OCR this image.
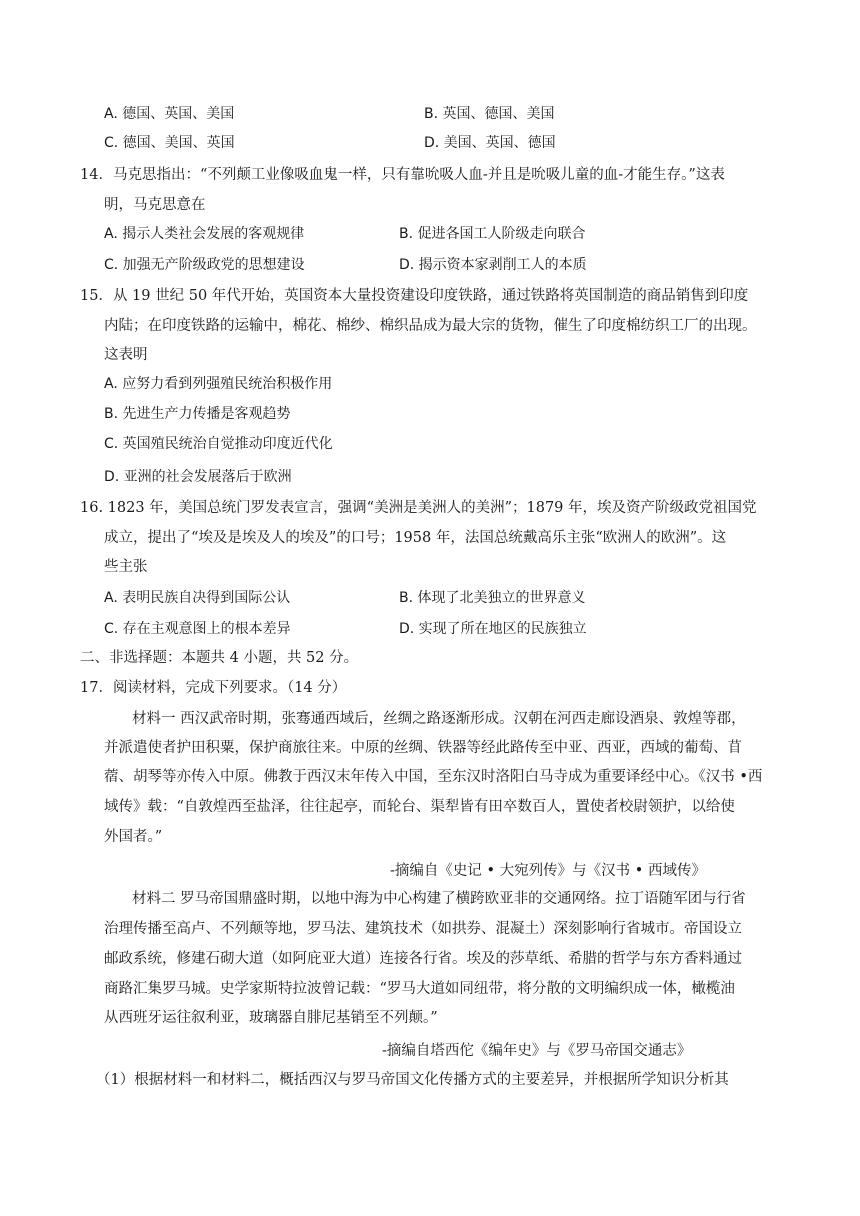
A. 德国、英国、美国	B. 英国、德国、美国
C. 德国、美国、英国	D. 美国、英国、德国
14．马克思指出：“不列颠工业像吸血鬼一样，只有靠吮吸人血-并且是吮吸儿童的血-才能生存。”这表
明，马克思意在
A. 揭示人类社会发展的客观规律	B. 促进各国工人阶级走向联合
C. 加强无产阶级政党的思想建设	D. 揭示资本家剥削工人的本质
15．从 19 世纪 50 年代开始，英国资本大量投资建设印度铁路，通过铁路将英国制造的商品销售到印度
内陆；在印度铁路的运输中，棉花、棉纱、棉织品成为最大宗的货物，催生了印度棉纺织工厂的出现。
这表明
A. 应努力看到列强殖民统治积极作用
B. 先进生产力传播是客观趋势
C. 英国殖民统治自觉推动印度近代化
D. 亚洲的社会发展落后于欧洲
16. 1823 年，美国总统门罗发表宣言，强调“美洲是美洲人的美洲”；1879 年，埃及资产阶级政党祖国党
成立，提出了“埃及是埃及人的埃及”的口号；1958 年，法国总统戴高乐主张“欧洲人的欧洲”。这
些主张
A. 表明民族自决得到国际公认	B. 体现了北美独立的世界意义
C. 存在主观意图上的根本差异	D. 实现了所在地区的民族独立
二、非选择题：本题共 4 小题，共 52 分。
17．阅读材料，完成下列要求。（14 分）
材料一 西汉武帝时期，张骞通西域后，丝绸之路逐渐形成。汉朝在河西走廊设酒泉、敦煌等郡，
并派遣使者护田积粟，保护商旅往来。中原的丝绸、铁器等经此路传至中亚、西亚，西域的葡萄、苜
蓿、胡琴等亦传入中原。佛教于西汉末年传入中国，至东汉时洛阳白马寺成为重要译经中心。《汉书 •西
域传》载：“自敦煌西至盐泽，往往起亭，而轮台、渠犁皆有田卒数百人，置使者校尉领护，以给使
外国者。”
-摘编自《史记 • 大宛列传》与《汉书 • 西域传》
材料二 罗马帝国鼎盛时期，以地中海为中心构建了横跨欧亚非的交通网络。拉丁语随军团与行省
治理传播至高卢、不列颠等地，罗马法、建筑技术（如拱券、混凝土）深刻影响行省城市。帝国设立
邮政系统，修建石砌大道（如阿庇亚大道）连接各行省。埃及的莎草纸、希腊的哲学与东方香料通过
商路汇集罗马城。史学家斯特拉波曾记载：“罗马大道如同纽带，将分散的文明编织成一体，橄榄油
从西班牙运往叙利亚，玻璃器自腓尼基销至不列颠。”
-摘编自塔西佗《编年史》与《罗马帝国交通志》
（1）根据材料一和材料二，概括西汉与罗马帝国文化传播方式的主要差异，并根据所学知识分析其
